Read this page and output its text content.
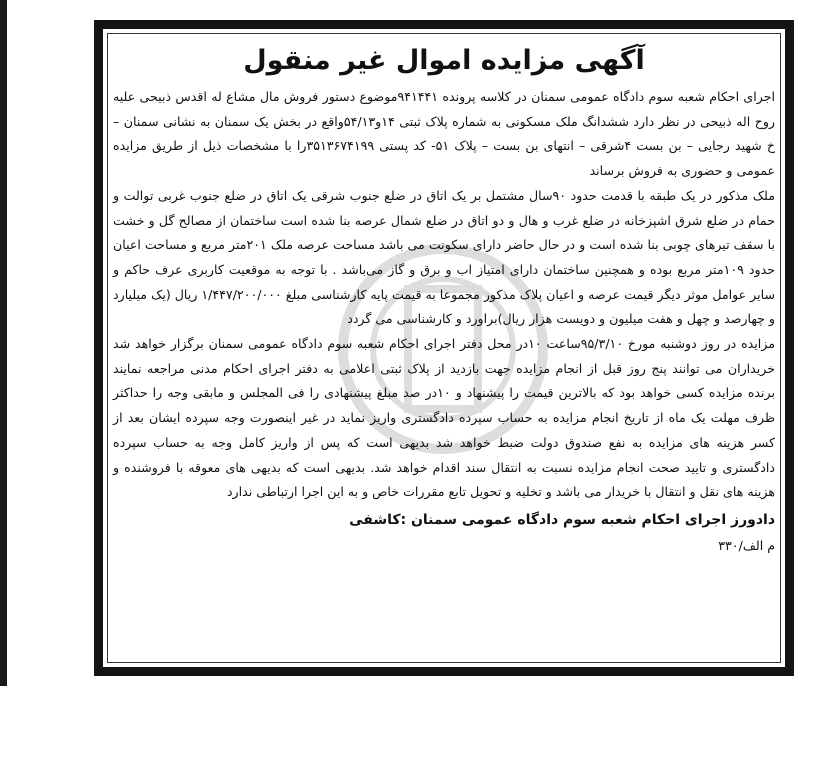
آگهی مزایده اموال غیر منقول

اجرای احکام شعبه سوم دادگاه عمومی سمنان در کلاسه پرونده ۹۴۱۴۴۱موضوع دستور فروش مال مشاع له اقدس ذبیحی علیه روح اله ذبیحی در نظر دارد ششدانگ ملک مسکونی به شماره پلاک ثبتی ۱۴و۵۴/۱۳واقع در بخش یک سمنان به نشانی سمنان – خ شهید رجایی – بن بست ۴شرقی – انتهای بن بست – پلاک ۵۱- کد پستی ۳۵۱۳۶۷۴۱۹۹را با مشخصات ذیل از طریق مزایده عمومی و حضوری به فروش برساند

ملک مذکور در یک طبقه با قدمت حدود ۹۰سال مشتمل بر یک اتاق در ضلع جنوب شرقی یک اتاق در ضلع جنوب غربی توالت و حمام در ضلع شرق اشپزخانه در ضلع غرب و هال و دو اتاق در ضلع شمال عرصه بنا شده است ساختمان از مصالح گل و خشت با سقف تیرهای چوبی بنا شده است و در حال حاضر دارای سکونت می باشد مساحت عرصه ملک ۲۰۱متر مربع و مساحت اعیان حدود ۱۰۹متر مربع بوده و همچنین ساختمان دارای امتیاز اب و برق و گاز می‌باشد . با توجه به موقعیت کاربری عرف حاکم و سایر عوامل موثر دیگر قیمت عرصه و اعیان پلاک مذکور مجموعا به قیمت پایه کارشناسی مبلغ ۱/۴۴۷/۲۰۰/۰۰۰ ریال (یک میلیارد و چهارصد و چهل و هفت میلیون و دویست هزار ریال)براورد و کارشناسی می گردد

مزایده در روز دوشنبه مورخ ۹۵/۳/۱۰ساعت ۱۰در محل دفتر اجرای احکام شعبه سوم دادگاه عمومی سمنان برگزار خواهد شد خریداران می توانند پنج روز قبل از انجام مزایده جهت بازدید از پلاک ثبتی اعلامی به دفتر اجرای احکام مدنی مراجعه نمایند برنده مزایده کسی خواهد بود که بالاترین قیمت را پیشنهاد و ۱۰در صد مبلغ پیشنهادی را فی المجلس و مابقی وجه را حداکثر ظرف مهلت یک ماه از تاریخ انجام مزایده به حساب سپرده دادگستری واریز نماید در غیر اینصورت وجه سپرده ایشان بعد از کسر هزینه های مزایده به نفع صندوق دولت ضبط خواهد شد بدیهی است که پس از واریز کامل وجه به حساب سپرده دادگستری و تایید صحت انجام مزایده نسبت به انتقال سند اقدام خواهد شد. بدیهی است که بدیهی های معوقه با فروشنده و هزینه های نقل و انتقال با خریدار می باشد و تخلیه و تحویل تابع مقررات خاص و به این اجرا ارتباطی ندارد

دادورز اجرای احکام شعبه سوم دادگاه عمومی سمنان :کاشفی
م الف/۳۳۰
